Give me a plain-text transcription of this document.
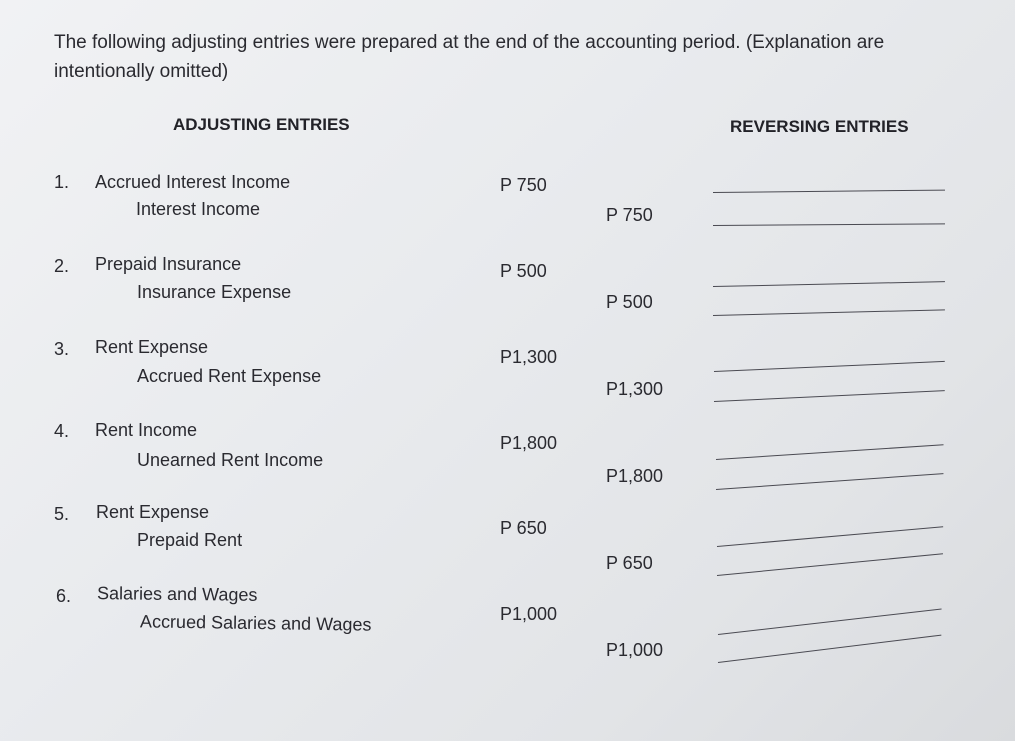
The following adjusting entries were prepared at the end of the accounting period. (Explanation are intentionally omitted)
ADJUSTING ENTRIES	REVERSING ENTRIES
1. Accrued Interest Income
Interest Income
P 750
P 750
2. Prepaid Insurance
Insurance Expense
P 500
P 500
3. Rent Expense
Accrued Rent Expense
P1,300
P1,300
4. Rent Income
Unearned Rent Income
P1,800
P1,800
5. Rent Expense
Prepaid Rent
P 650
P 650
6. Salaries and Wages
Accrued Salaries and Wages	P1,000
P1,000
